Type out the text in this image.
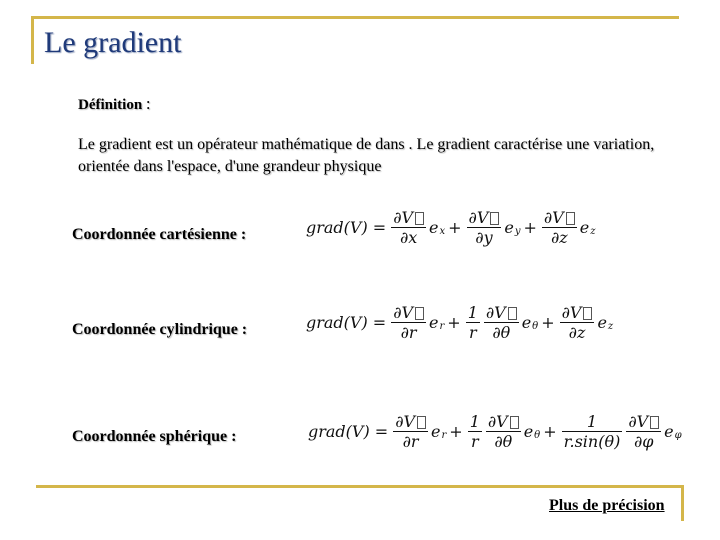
Le gradient
Définition :
Le gradient est un opérateur mathématique de dans . Le gradient caractérise une variation, orientée dans l'espace, d'une grandeur physique
Coordonnée cartésienne :
Coordonnée cylindrique :
Coordonnée sphérique :
grad(V) = $\frac{\partial V}{\partial x} e_x + \frac{\partial V}{\partial y} e_y + \frac{\partial V}{\partial z} e_z$
grad(V) = $\frac{\partial V}{\partial r} e_r + \frac{1}{r} \frac{\partial V}{\partial\theta} e_\theta + \frac{\partial V}{\partial z} e_z$
grad(V) = $\frac{\partial V}{\partial r} e_r + \frac{1}{r} \frac{\partial V}{\partial\theta} e_\theta + \frac{1}{r.\sin(\theta)} \frac{\partial V}{\partial\varphi} e_\varphi$
Plus de précision
